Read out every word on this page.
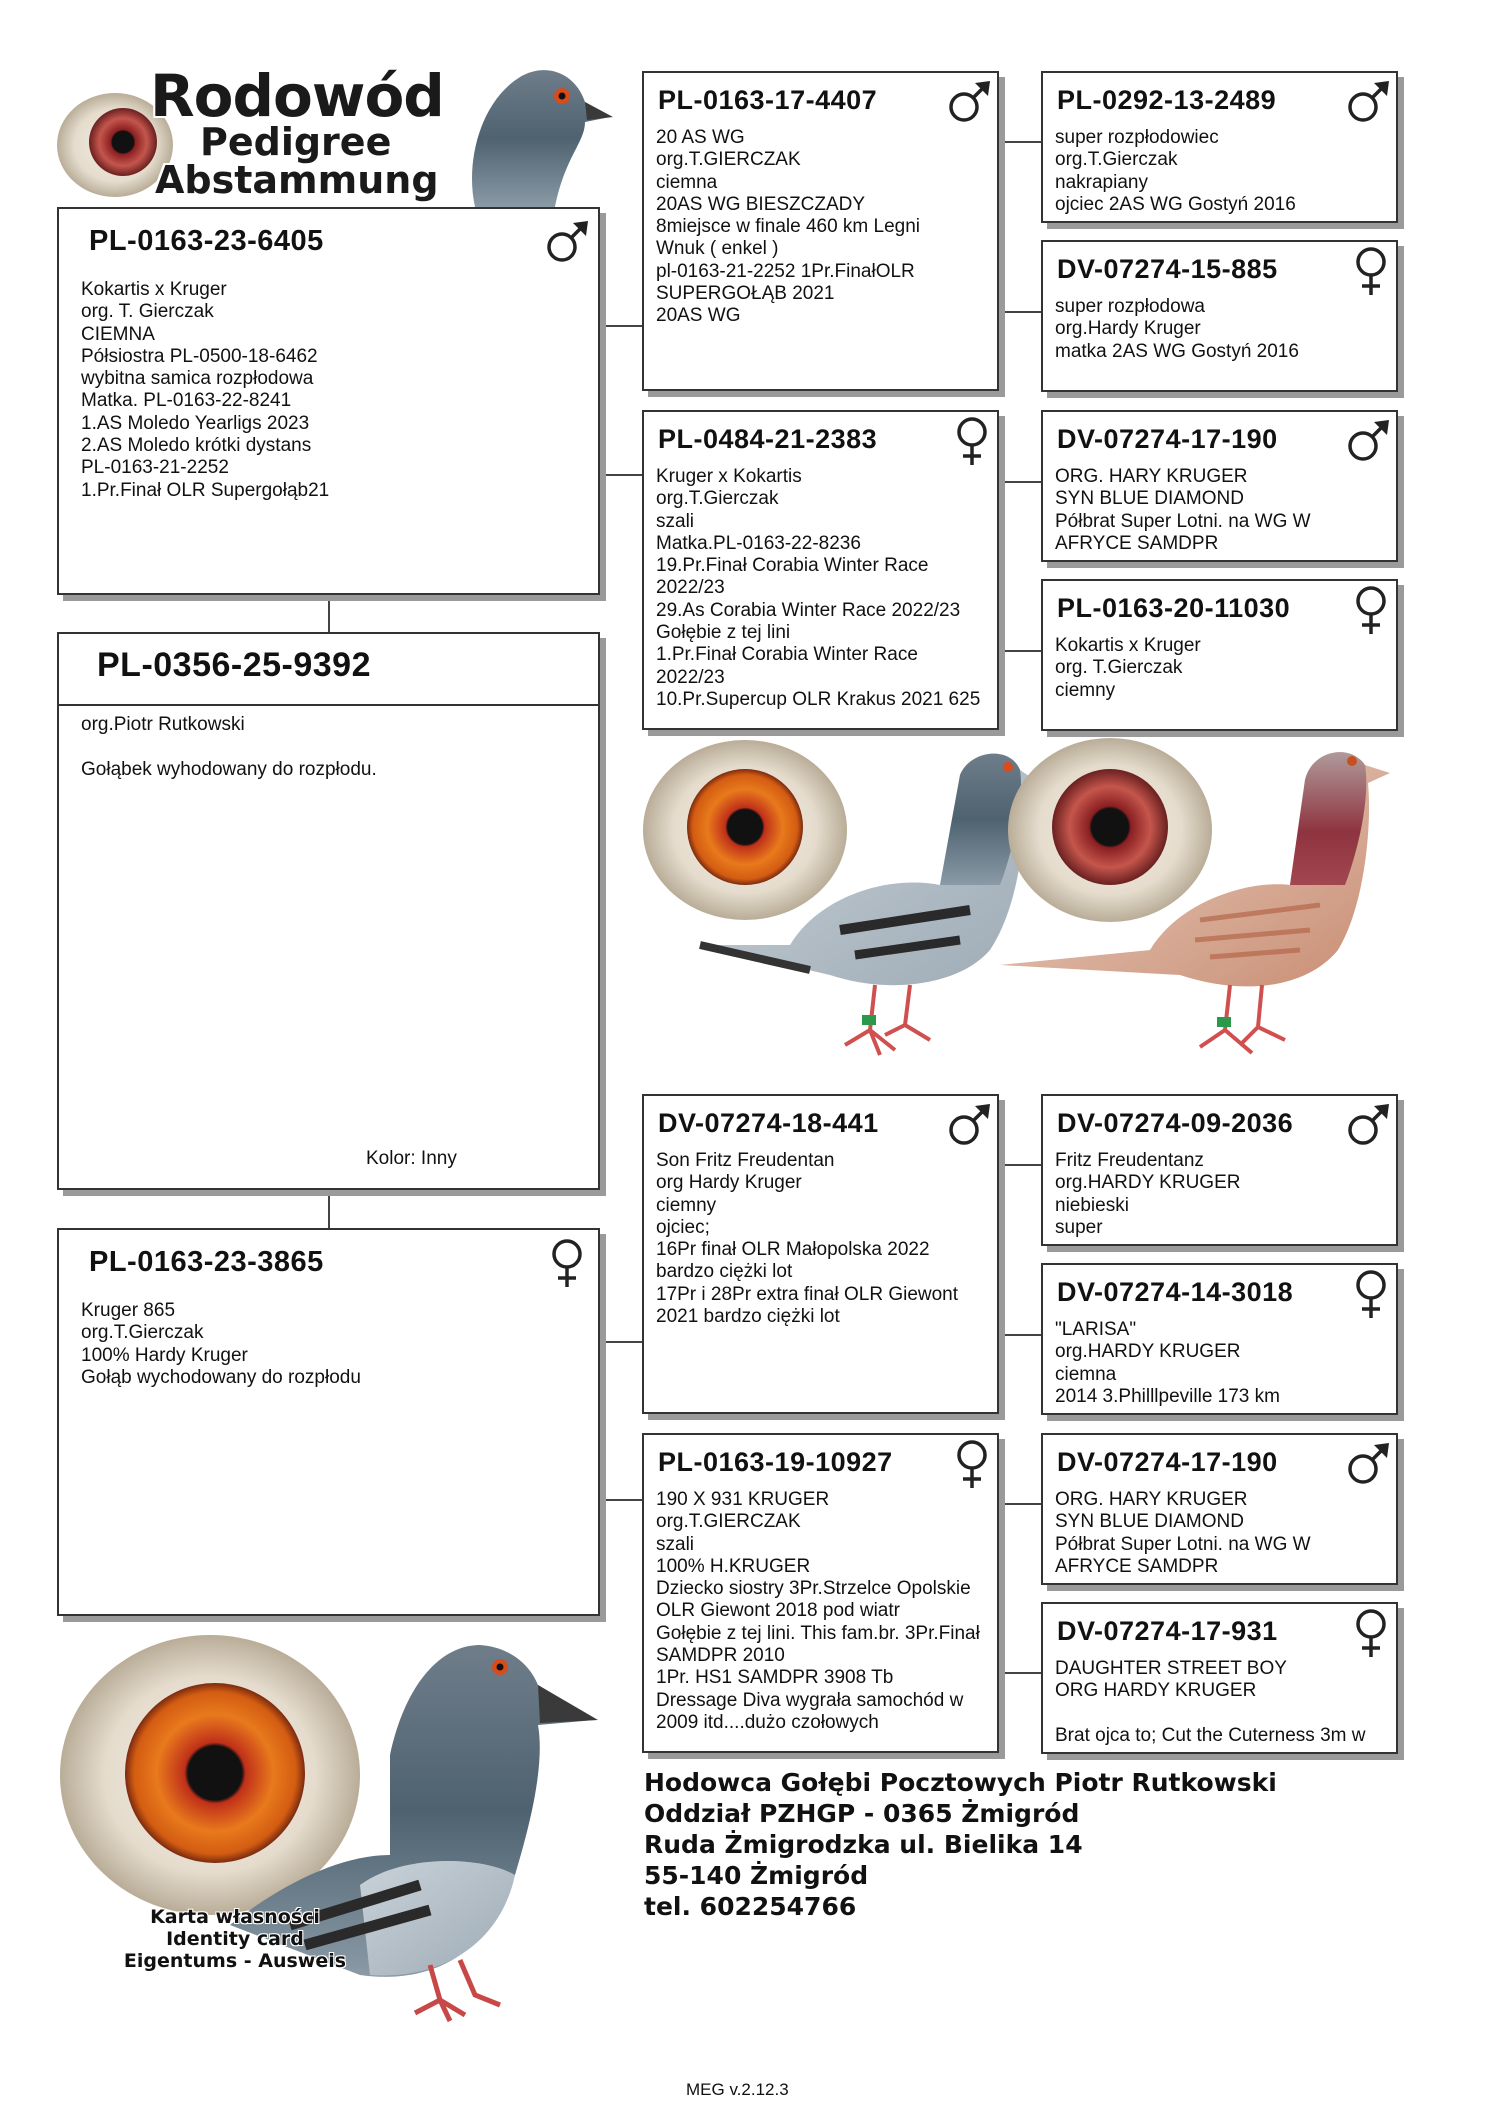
Rodowód
Pedigree
Abstammung
PL-0163-23-6405
Kokartis x Kruger
org. T. Gierczak
CIEMNA
Półsiostra PL-0500-18-6462
wybitna samica rozpłodowa
Matka. PL-0163-22-8241
1.AS Moledo Yearligs 2023
2.AS Moledo krótki dystans
PL-0163-21-2252
1.Pr.Finał OLR Supergołąb21
PL-0356-25-9392
org.Piotr Rutkowski

Gołąbek wyhodowany do rozpłodu.
Kolor: Inny
PL-0163-23-3865
Kruger 865
org.T.Gierczak
100% Hardy Kruger
Gołąb wychodowany do rozpłodu
PL-0163-17-4407
20 AS WG
org.T.GIERCZAK
ciemna
20AS WG BIESZCZADY
8miejsce w finale 460 km Legni
Wnuk ( enkel )
pl-0163-21-2252 1Pr.FinałOLR
SUPERGOŁĄB 2021
20AS WG
PL-0484-21-2383
Kruger x Kokartis
org.T.Gierczak
szali
Matka.PL-0163-22-8236
19.Pr.Finał Corabia Winter Race
2022/23
29.As Corabia Winter Race 2022/23
Gołębie z tej lini
1.Pr.Finał Corabia Winter Race
2022/23
10.Pr.Supercup OLR Krakus 2021 625
DV-07274-18-441
Son Fritz Freudentan
org Hardy Kruger
ciemny
ojciec;
16Pr finał OLR Małopolska 2022
bardzo ciężki lot
17Pr i 28Pr extra finał OLR Giewont
2021 bardzo ciężki lot
PL-0163-19-10927
190 X 931 KRUGER
org.T.GIERCZAK
szali
100% H.KRUGER
Dziecko siostry 3Pr.Strzelce Opolskie
OLR Giewont 2018 pod wiatr
Gołębie z tej lini. This fam.br. 3Pr.Finał
SAMDPR 2010
1Pr. HS1 SAMDPR 3908 Tb
Dressage Diva wygrała samochód w
2009 itd....dużo czołowych
PL-0292-13-2489
super rozpłodowiec
org.T.Gierczak
nakrapiany
ojciec 2AS WG Gostyń 2016
DV-07274-15-885
super rozpłodowa
org.Hardy Kruger
matka 2AS WG Gostyń 2016
DV-07274-17-190
ORG. HARY KRUGER
SYN BLUE DIAMOND
Półbrat Super Lotni. na WG W
AFRYCE SAMDPR
PL-0163-20-11030
Kokartis x Kruger
org. T.Gierczak
ciemny
DV-07274-09-2036
Fritz Freudentanz
org.HARDY KRUGER
niebieski
super
DV-07274-14-3018
"LARISA"
org.HARDY KRUGER
ciemna
2014 3.Philllpeville 173 km
DV-07274-17-190
ORG. HARY KRUGER
SYN BLUE DIAMOND
Półbrat Super Lotni. na WG W
AFRYCE SAMDPR
DV-07274-17-931
DAUGHTER STREET BOY
ORG HARDY KRUGER

Brat ojca to; Cut the Cuterness 3m w
Karta własności
Identity card
Eigentums - Ausweis
Hodowca Gołębi Pocztowych Piotr Rutkowski
Oddział PZHGP - 0365 Żmigród
Ruda Żmigrodzka ul. Bielika 14
55-140 Żmigród
tel. 602254766
MEG v.2.12.3
